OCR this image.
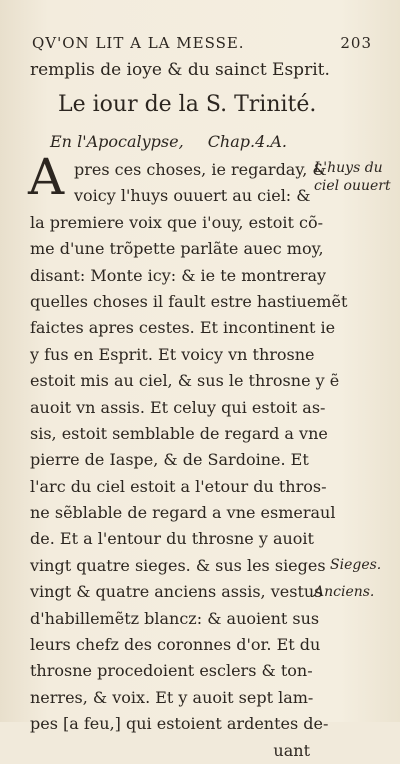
QV'ON LIT A LA MESSE.	203
remplis de ioye & du sainct Esprit.
Le iour de la S. Trinité.
En l'Apocalypse, Chap.4.A.
A pres ces choses, ie regarday, &
voicy l'huys ouuert au ciel: &
la premiere voix que i'ouy, estoit cõ-
me d'une trõpette parlãte auec moy,
disant: Monte icy: & ie te montreray
quelles choses il fault estre hastiuemẽt
faictes apres cestes. Et incontinent ie
y fus en Esprit. Et voicy vn throsne
estoit mis au ciel, & sus le throsne y ẽ
auoit vn assis. Et celuy qui estoit as-
sis, estoit semblable de regard a vne
pierre de Iaspe, & de Sardoine. Et
l'arc du ciel estoit a l'etour du thros-
ne sẽblable de regard a vne esmeraul
de. Et a l'entour du throsne y auoit
vingt quatre sieges. & sus les sieges
vingt & quatre anciens assis, vestus
d'habillemẽtz blancz: & auoient sus
leurs chefz des coronnes d'or. Et du
throsne procedoient esclers & ton-
nerres, & voix. Et y auoit sept lam-
pes [a feu,] qui estoient ardentes de-
uant
L'huys du
ciel ouuert
Sieges.
Anciens.
